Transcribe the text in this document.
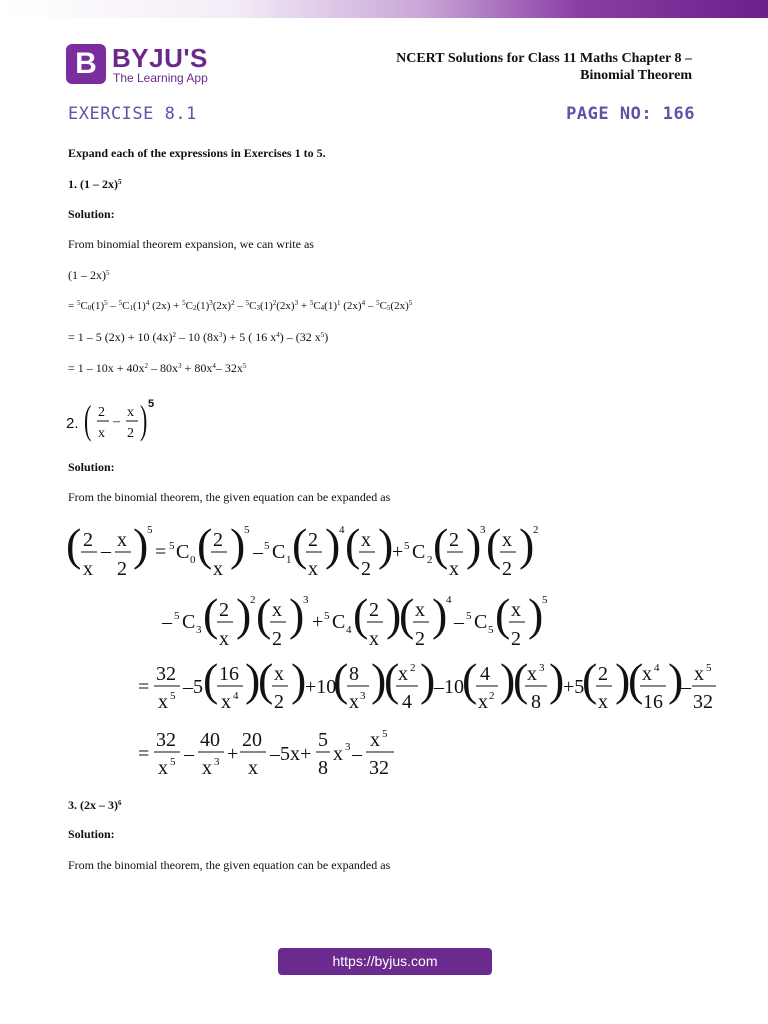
B BYJU'S
The Learning App
NCERT Solutions for Class 11 Maths Chapter 8 –
Binomial Theorem
EXERCISE 8.1	PAGE NO: 166
Expand each of the expressions in Exercises 1 to 5.
1. (1 – 2x)$^5$
Solution:
From binomial theorem expansion, we can write as
(1 – 2x)$^5$
= $^5C_0(1)^5 - ^5C_1(1)^4$ $(2x) + ^5C_2(1)^3(2x)^2 - ^5C_3(1)^2(2x)^3 + ^5C_4(1)^1$ $(2x)^4 - ^5C_5(2x)^5$
= 1 – 5 (2x) + 10 $(4x)^2 - 10$ $(8x^3) + 5$ ( 16 $x^4) - (32$ $x^5$)
= $1 - 10x + 40x^2 - 80x^3 + 80x^4-$ $32x^5$
2. ( 2
x
–
x
2 ) 5
Solution:
From the binomial theorem, the given equation can be expanded as
( 2
x
– x
2 )
5
= 5 C 0 ( 2
x )
5
– 5 C 1 ( 2
x )
4 ( x
2 )
+ 5 C 2 ( 2
x )
3 ( x
2 )
2
– 5 C 3 ( 2
x )
2 ( x
2 )
3
+ 5 C 4 ( 2
x )
( x
2 )
4
– 5 C 5 ( x
2 )
5
=
32
x 5 –5 ( 16
x 4 )
( x
2 )
+10
( 8
x 3 )
(
x 2
4 )
–10
( 4
x 2 )
(
x 3
8 )
+5
( 2
x )
(
x 4
16 )
–
x 5
32
=
32
x 5 –
40
x 3 +
20
x
–5x+
5
8
x 3 –
x 5
32
3. (2x – 3)$^6$
Solution:
From the binomial theorem, the given equation can be expanded as
https://byjus.com
